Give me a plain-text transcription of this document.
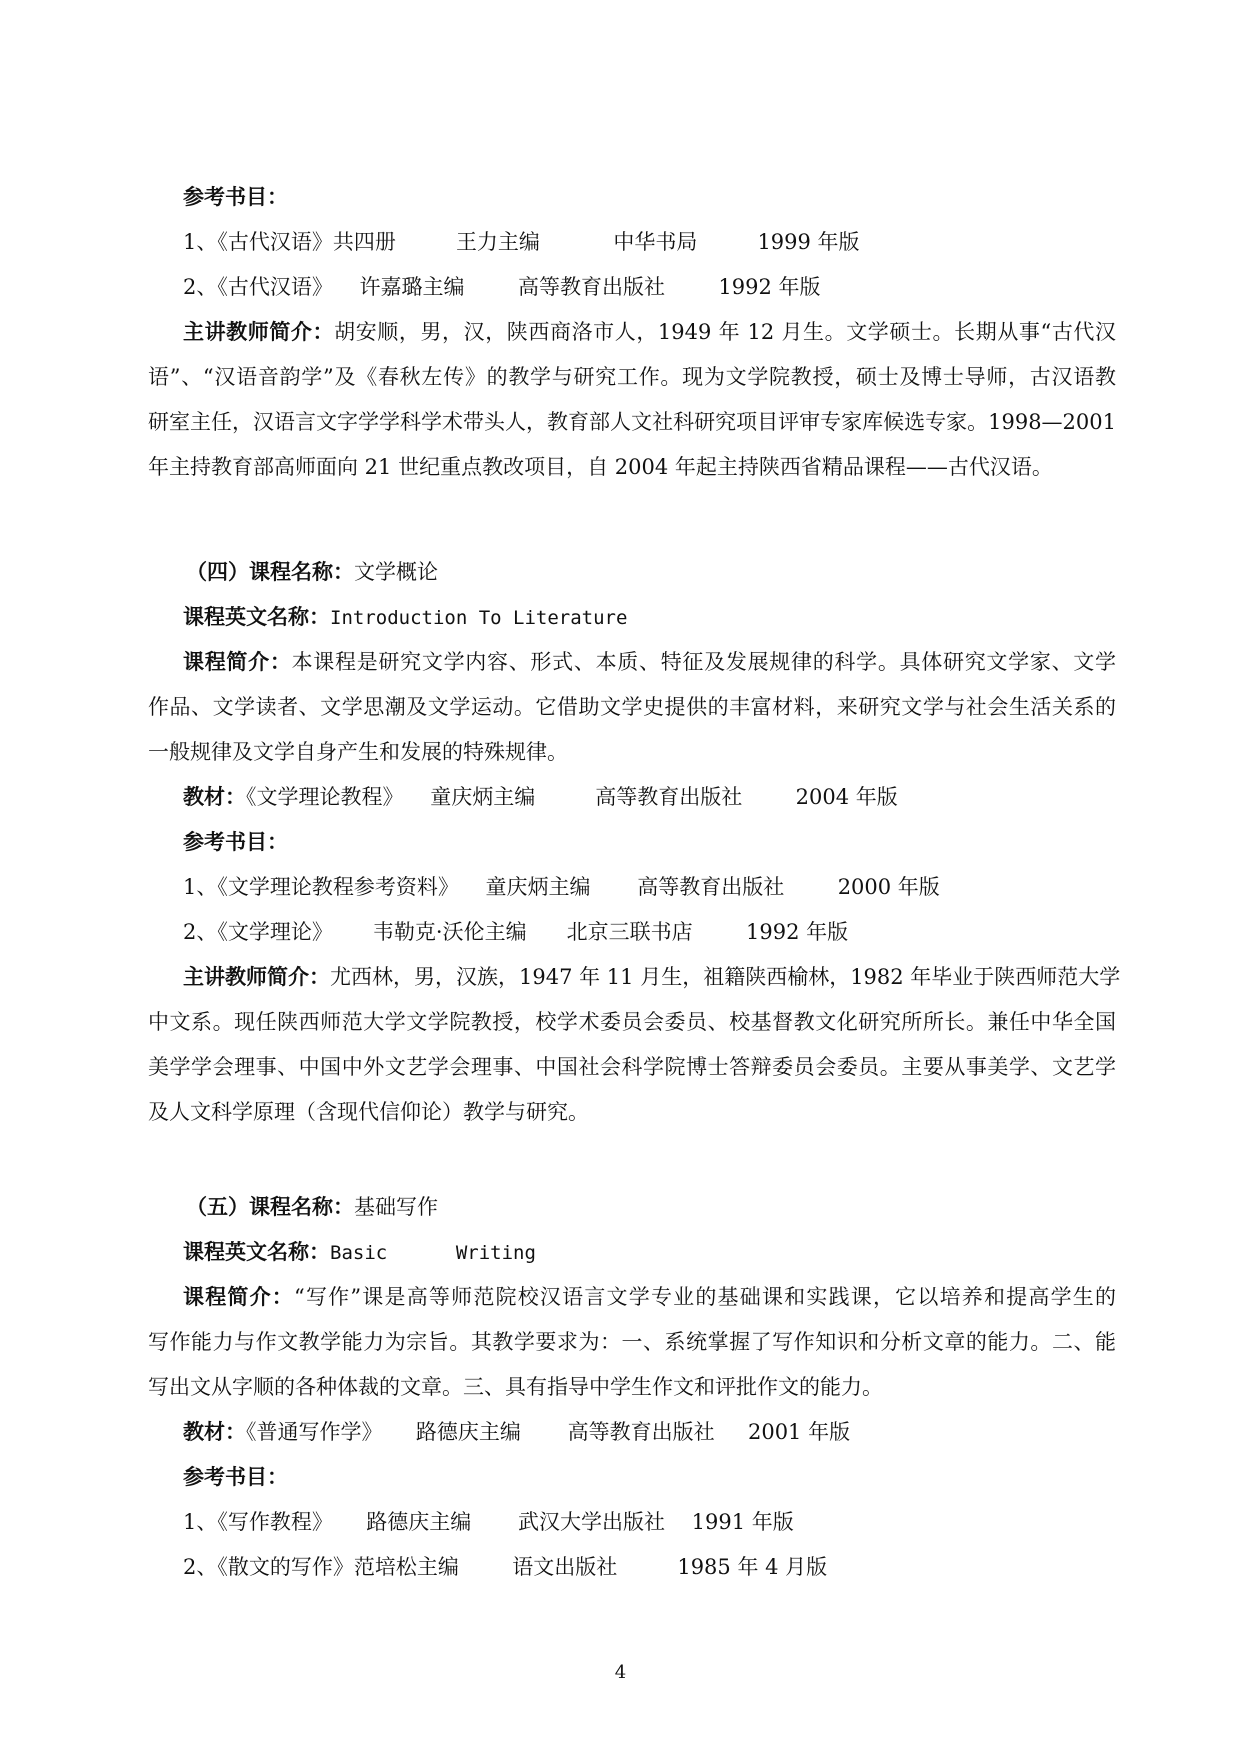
参考书目：
1、《古代汉语》共四册         王力主编           中华书局         1999 年版
2、《古代汉语》    许嘉璐主编        高等教育出版社        1992 年版
主讲教师简介：胡安顺，男，汉，陕西商洛市人，1949 年 12 月生。文学硕士。长期从事“古代汉
语”、“汉语音韵学”及《春秋左传》的教学与研究工作。现为文学院教授，硕士及博士导师，古汉语教
研室主任，汉语言文字学学科学术带头人，教育部人文社科研究项目评审专家库候选专家。1998—2001
年主持教育部高师面向 21 世纪重点教改项目，自 2004 年起主持陕西省精品课程——古代汉语。
（四）课程名称：文学概论
课程英文名称：Introduction To Literature
课程简介：本课程是研究文学内容、形式、本质、特征及发展规律的科学。具体研究文学家、文学
作品、文学读者、文学思潮及文学运动。它借助文学史提供的丰富材料，来研究文学与社会生活关系的
一般规律及文学自身产生和发展的特殊规律。
教材：《文学理论教程》    童庆炳主编         高等教育出版社        2004 年版
参考书目：
1、《文学理论教程参考资料》    童庆炳主编       高等教育出版社        2000 年版
2、《文学理论》      韦勒克·沃伦主编      北京三联书店        1992 年版
主讲教师简介：尤西林，男，汉族，1947 年 11 月生，祖籍陕西榆林，1982 年毕业于陕西师范大学
中文系。现任陕西师范大学文学院教授，校学术委员会委员、校基督教文化研究所所长。兼任中华全国
美学学会理事、中国中外文艺学会理事、中国社会科学院博士答辩委员会委员。主要从事美学、文艺学
及人文科学原理（含现代信仰论）教学与研究。
（五）课程名称：基础写作
课程英文名称：Basic      Writing
课程简介：“写作”课是高等师范院校汉语言文学专业的基础课和实践课，它以培养和提高学生的
写作能力与作文教学能力为宗旨。其教学要求为：一、系统掌握了写作知识和分析文章的能力。二、能
写出文从字顺的各种体裁的文章。三、具有指导中学生作文和评批作文的能力。
教材：《普通写作学》     路德庆主编       高等教育出版社     2001 年版
参考书目：
1、《写作教程》     路德庆主编       武汉大学出版社    1991 年版
2、《散文的写作》范培松主编        语文出版社         1985 年 4 月版
4
